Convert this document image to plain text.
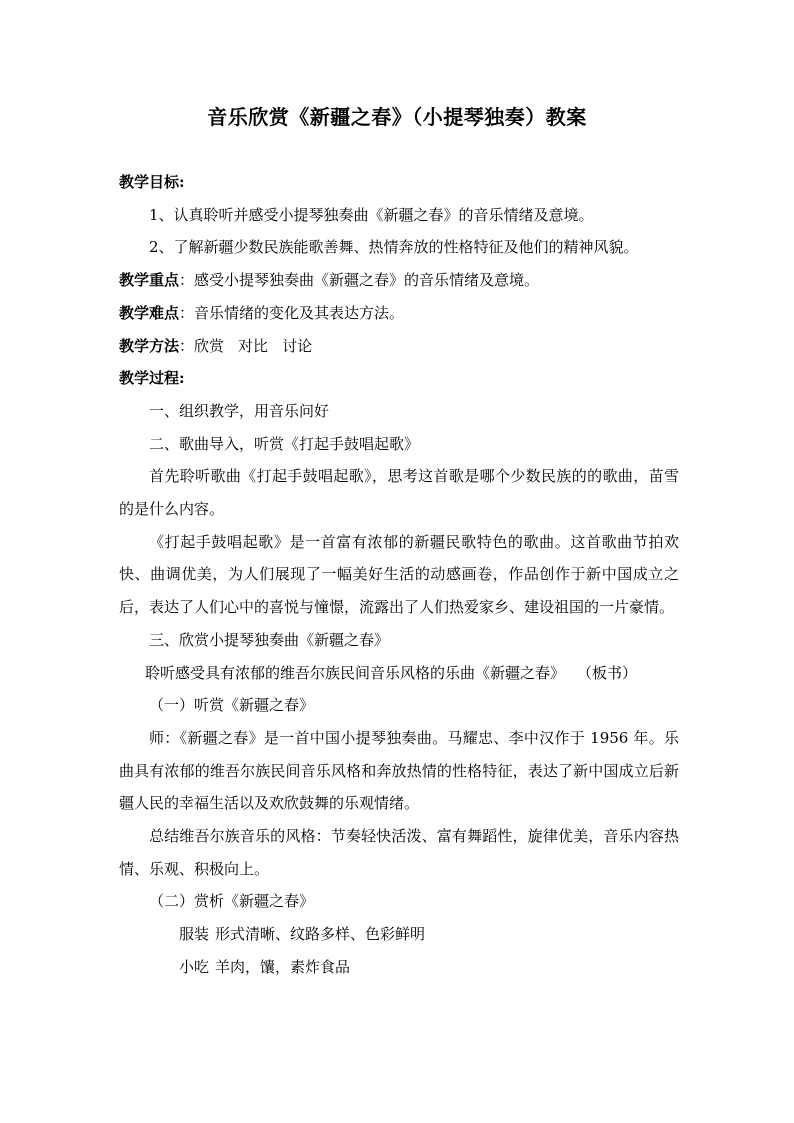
音乐欣赏《新疆之春》（小提琴独奏）教案

教学目标:

1、认真聆听并感受小提琴独奏曲《新疆之春》的音乐情绪及意境。

2、了解新疆少数民族能歌善舞、热情奔放的性格特征及他们的精神风貌。

教学重点：感受小提琴独奏曲《新疆之春》的音乐情绪及意境。

教学难点：音乐情绪的变化及其表达方法。

教学方法：欣赏 对比 讨论

教学过程:

一、组织教学，用音乐问好

二、歌曲导入，听赏《打起手鼓唱起歌》

首先聆听歌曲《打起手鼓唱起歌》，思考这首歌是哪个少数民族的的歌曲，苗雪的是什么内容。

《打起手鼓唱起歌》是一首富有浓郁的新疆民歌特色的歌曲。这首歌曲节拍欢快、曲调优美，为人们展现了一幅美好生活的动感画卷，作品创作于新中国成立之后，表达了人们心中的喜悦与憧憬，流露出了人们热爱家乡、建设祖国的一片豪情。

三、欣赏小提琴独奏曲《新疆之春》

聆听感受具有浓郁的维吾尔族民间音乐风格的乐曲《新疆之春》 （板书）

（一）听赏《新疆之春》

师：《新疆之春》是一首中国小提琴独奏曲。马耀忠、李中汉作于 1956 年。乐曲具有浓郁的维吾尔族民间音乐风格和奔放热情的性格特征，表达了新中国成立后新疆人民的幸福生活以及欢欣鼓舞的乐观情绪。

总结维吾尔族音乐的风格：节奏轻快活泼、富有舞蹈性，旋律优美，音乐内容热情、乐观、积极向上。

（二）赏析《新疆之春》

服装 形式清晰、纹路多样、色彩鲜明

小吃 羊肉，馕，素炸食品
